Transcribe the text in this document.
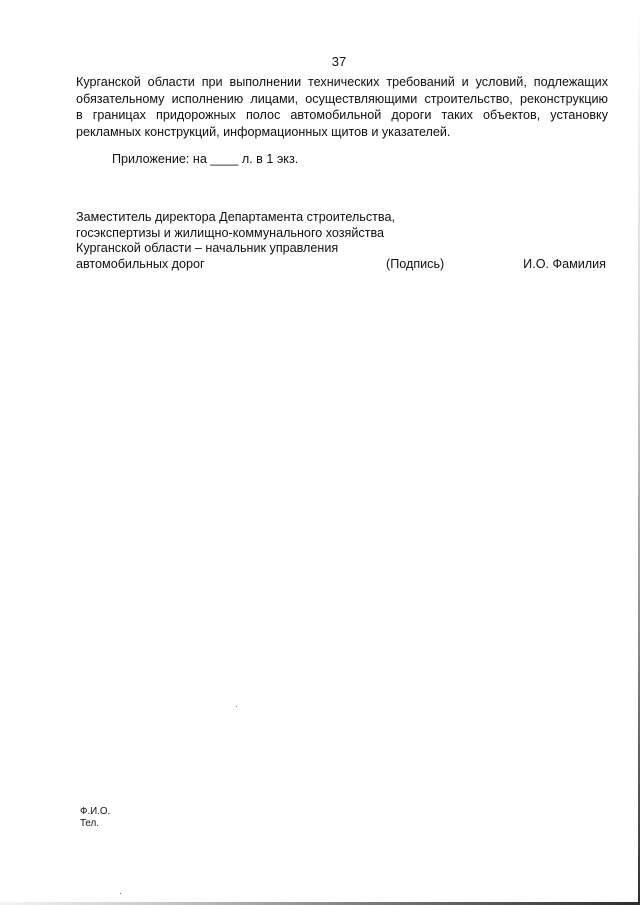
37
Курганской области при выполнении технических требований и условий, подлежащих
обязательному исполнению лицами, осуществляющими строительство, реконструкцию
в границах придорожных полос автомобильной дороги таких объектов, установку
рекламных конструкций, информационных щитов и указателей.
Приложение: на ____ л. в 1 экз.
Заместитель директора Департамента строительства,
госэкспертизы и жилищно-коммунального хозяйства
Курганской области – начальник управления
автомобильных дорог	(Подпись)	И.О. Фамилия
Ф.И.О.
Тел.
